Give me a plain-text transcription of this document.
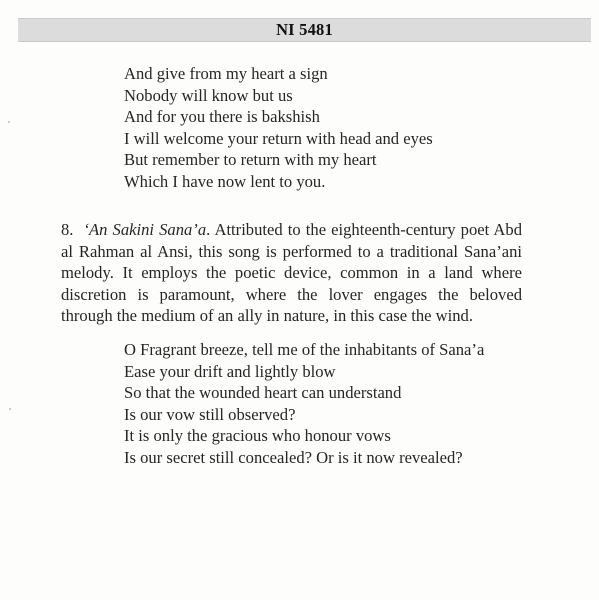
NI 5481
And give from my heart a sign
Nobody will know but us
And for you there is bakshish
I will welcome your return with head and eyes
But remember to return with my heart
Which I have now lent to you.
8. ‘An Sakini Sana’a. Attributed to the eighteenth-century poet Abd
al Rahman al Ansi, this song is performed to a traditional Sana’ani
melody. It employs the poetic device, common in a land where
discretion is paramount, where the lover engages the beloved
through the medium of an ally in nature, in this case the wind.
O Fragrant breeze, tell me of the inhabitants of Sana’a
Ease your drift and lightly blow
So that the wounded heart can understand
Is our vow still observed?
It is only the gracious who honour vows
Is our secret still concealed? Or is it now revealed?
